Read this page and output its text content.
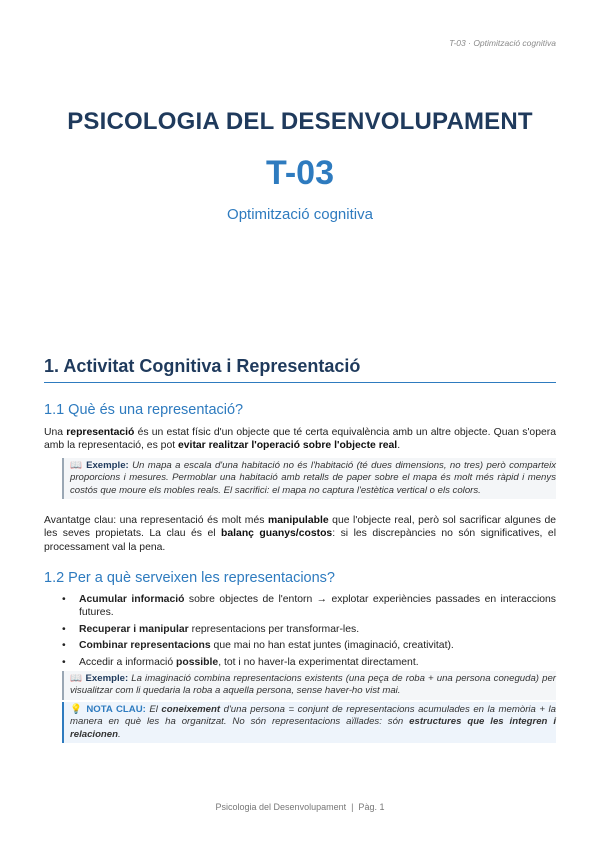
T-03 · Optimització cognitiva
PSICOLOGIA DEL DESENVOLUPAMENT
T-03
Optimització cognitiva
1. Activitat Cognitiva i Representació
1.1 Què és una representació?
Una representació és un estat físic d'un objecte que té certa equivalència amb un altre objecte. Quan s'opera amb la representació, es pot evitar realitzar l'operació sobre l'objecte real.
📖 Exemple: Un mapa a escala d'una habitació no és l'habitació (té dues dimensions, no tres) però comparteix proporcions i mesures. Permoblar una habitació amb retalls de paper sobre el mapa és molt més ràpid i menys costós que moure els mobles reals. El sacrifici: el mapa no captura l'estètica vertical o els colors.
Avantatge clau: una representació és molt més manipulable que l'objecte real, però sol sacrificar algunes de les seves propietats. La clau és el balanç guanys/costos: si les discrepàncies no són significatives, el processament val la pena.
1.2 Per a què serveixen les representacions?
• Acumular informació sobre objectes de l'entorn → explotar experiències passades en interaccions futures.
• Recuperar i manipular representacions per transformar-les.
• Combinar representacions que mai no han estat juntes (imaginació, creativitat).
• Accedir a informació possible, tot i no haver-la experimentat directament.
📖 Exemple: La imaginació combina representacions existents (una peça de roba + una persona coneguda) per visualitzar com li quedaria la roba a aquella persona, sense haver-ho vist mai.
💡 NOTA CLAU: El coneixement d'una persona = conjunt de representacions acumulades en la memòria + la manera en què les ha organitzat. No són representacions aïllades: són estructures que les integren i relacionen.
Psicologia del Desenvolupament  |  Pàg. 1
